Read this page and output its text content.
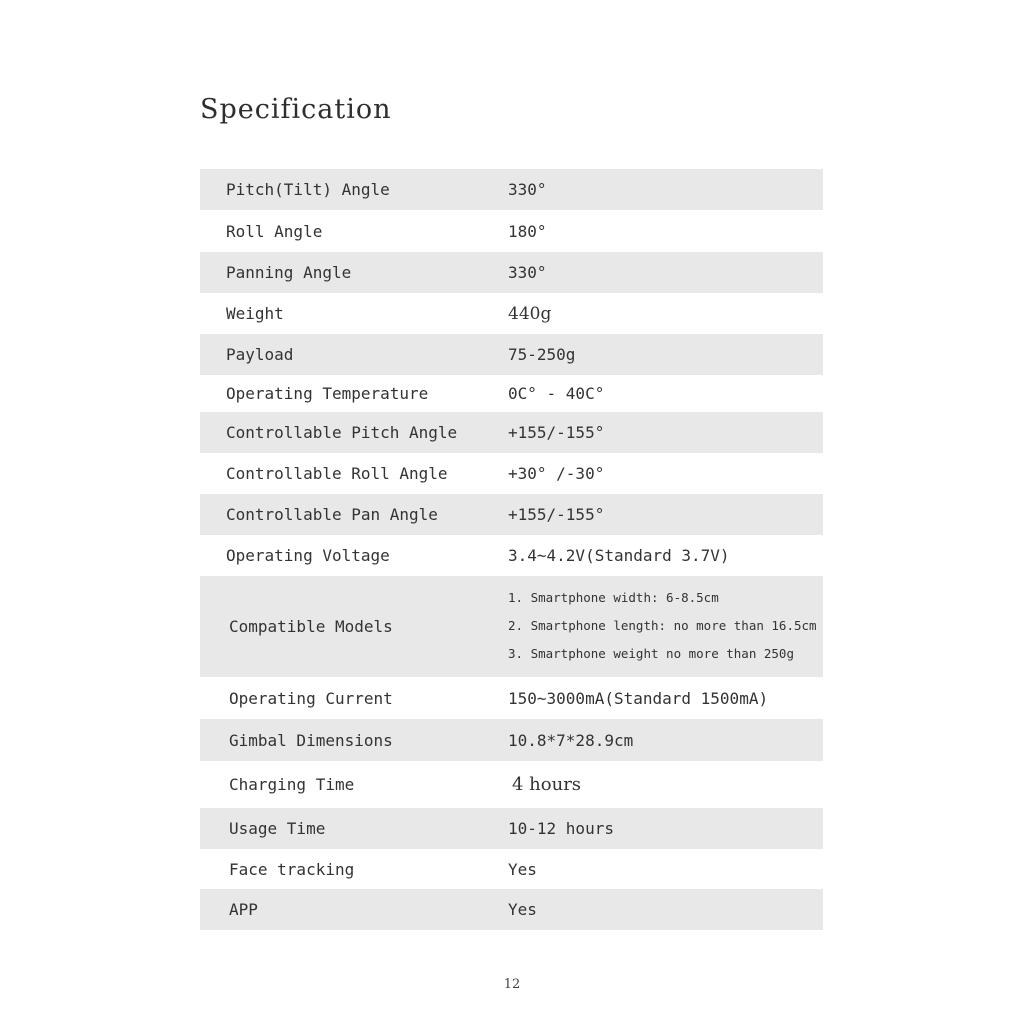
Specification
Pitch(Tilt) Angle	330°
Roll Angle	180°
Panning Angle	330°
Weight	440g
Payload	75-250g
Operating Temperature	0C° - 40C°
Controllable Pitch Angle	+155/-155°
Controllable Roll Angle	+30° /-30°
Controllable Pan Angle	+155/-155°
Operating Voltage	3.4~4.2V(Standard 3.7V)
Compatible Models
1. Smartphone width: 6-8.5cm
2. Smartphone length: no more than 16.5cm
3. Smartphone weight no more than 250g
Operating Current	150~3000mA(Standard 1500mA)
Gimbal Dimensions	10.8*7*28.9cm
Charging Time	4 hours
Usage Time	10-12 hours
Face tracking	Yes
APP	Yes
12
